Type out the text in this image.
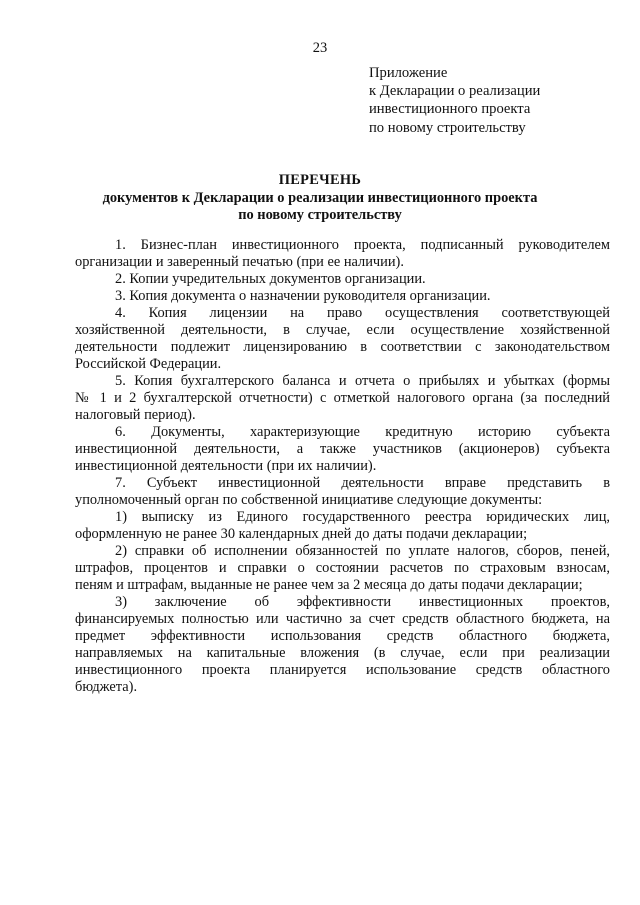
23
Приложение
к Декларации о реализации
инвестиционного проекта
по новому строительству
ПЕРЕЧЕНЬ
документов к Декларации о реализации инвестиционного проекта
по новому строительству
1. Бизнес-план инвестиционного проекта, подписанный руководителем
организации и заверенный печатью (при ее наличии).
2. Копии учредительных документов организации.
3. Копия документа о назначении руководителя организации.
4. Копия лицензии на право осуществления соответствующей
хозяйственной деятельности, в случае, если осуществление хозяйственной
деятельности подлежит лицензированию в соответствии с законодательством
Российской Федерации.
5. Копия бухгалтерского баланса и отчета о прибылях и убытках (формы
№ 1 и 2 бухгалтерской отчетности) с отметкой налогового органа (за последний
налоговый период).
6. Документы, характеризующие кредитную историю субъекта
инвестиционной деятельности, а также участников (акционеров) субъекта
инвестиционной деятельности (при их наличии).
7. Субъект инвестиционной деятельности вправе представить в
уполномоченный орган по собственной инициативе следующие документы:
1) выписку из Единого государственного реестра юридических лиц,
оформленную не ранее 30 календарных дней до даты подачи декларации;
2) справки об исполнении обязанностей по уплате налогов, сборов, пеней,
штрафов, процентов и справки о состоянии расчетов по страховым взносам,
пеням и штрафам, выданные не ранее чем за 2 месяца до даты подачи декларации;
3) заключение об эффективности инвестиционных проектов,
финансируемых полностью или частично за счет средств областного бюджета, на
предмет эффективности использования средств областного бюджета,
направляемых на капитальные вложения (в случае, если при реализации
инвестиционного проекта планируется использование средств областного
бюджета).
